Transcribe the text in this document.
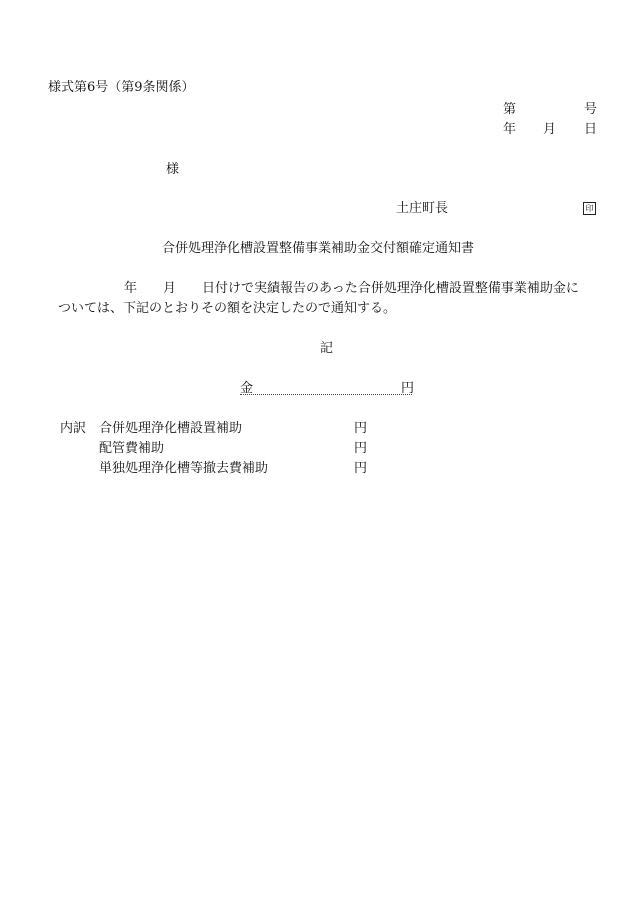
様式第6号（第9条関係）
第	号
年 月 日
様
土庄町長	印
合併処理浄化槽設置整備事業補助金交付額確定通知書
年　　月　　日付けで実績報告のあった合併処理浄化槽設置整備事業補助金に
ついては、下記のとおりその額を決定したので通知する。
記
金	円
内訳 合併処理浄化槽設置補助	円
配管費補助	円
単独処理浄化槽等撤去費補助	円
